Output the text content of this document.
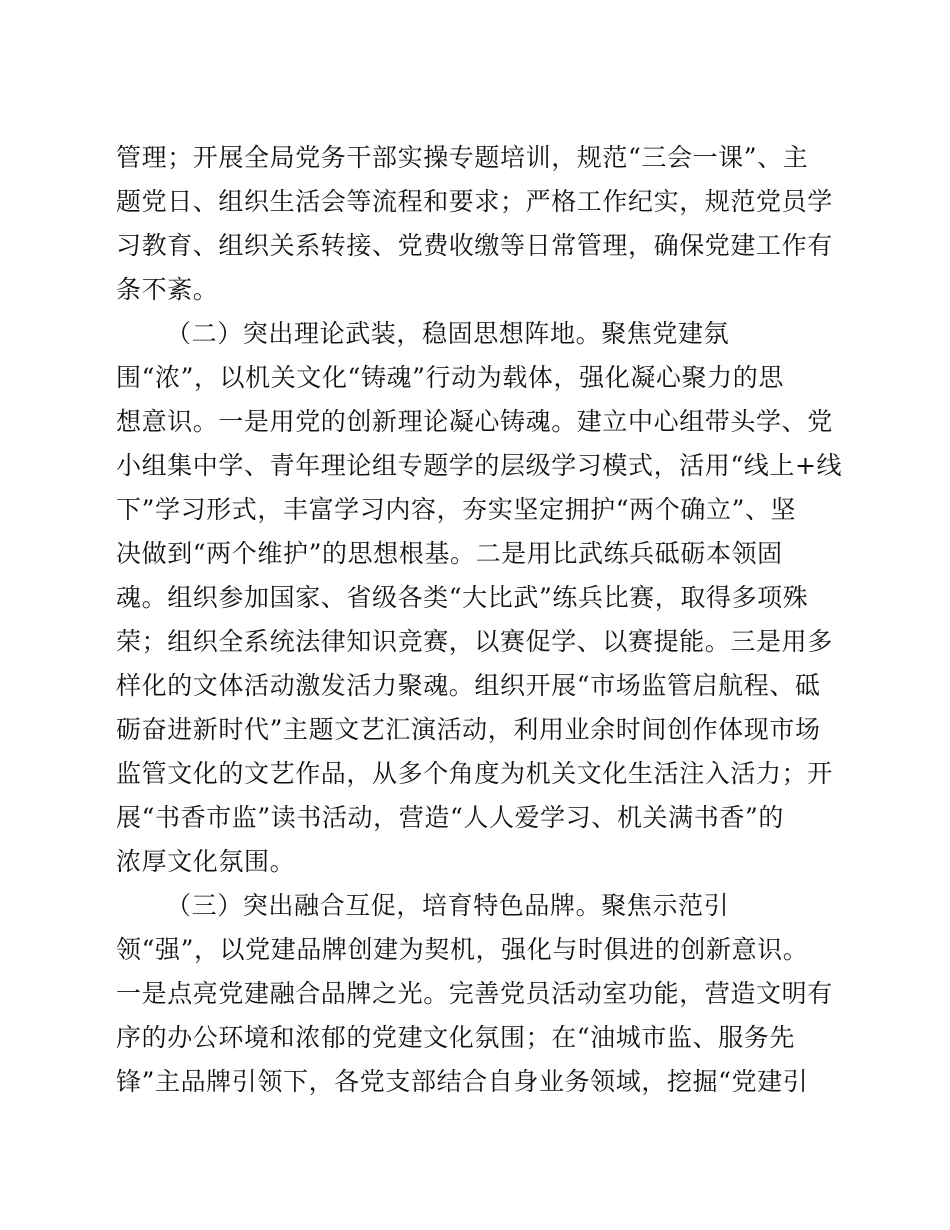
管理；开展全局党务干部实操专题培训，规范“三会一课”、主
题党日、组织生活会等流程和要求；严格工作纪实，规范党员学
习教育、组织关系转接、党费收缴等日常管理，确保党建工作有
条不紊。
（二）突出理论武装，稳固思想阵地。聚焦党建氛
围“浓”，以机关文化“铸魂”行动为载体，强化凝心聚力的思
想意识。一是用党的创新理论凝心铸魂。建立中心组带头学、党
小组集中学、青年理论组专题学的层级学习模式，活用“线上+线
下”学习形式，丰富学习内容，夯实坚定拥护“两个确立”、坚
决做到“两个维护”的思想根基。二是用比武练兵砥砺本领固
魂。组织参加国家、省级各类“大比武”练兵比赛，取得多项殊
荣；组织全系统法律知识竞赛，以赛促学、以赛提能。三是用多
样化的文体活动激发活力聚魂。组织开展“市场监管启航程、砥
砺奋进新时代”主题文艺汇演活动，利用业余时间创作体现市场
监管文化的文艺作品，从多个角度为机关文化生活注入活力；开
展“书香市监”读书活动，营造“人人爱学习、机关满书香”的
浓厚文化氛围。
（三）突出融合互促，培育特色品牌。聚焦示范引
领“强”，以党建品牌创建为契机，强化与时俱进的创新意识。
一是点亮党建融合品牌之光。完善党员活动室功能，营造文明有
序的办公环境和浓郁的党建文化氛围；在“油城市监、服务先
锋”主品牌引领下，各党支部结合自身业务领域，挖掘“党建引
